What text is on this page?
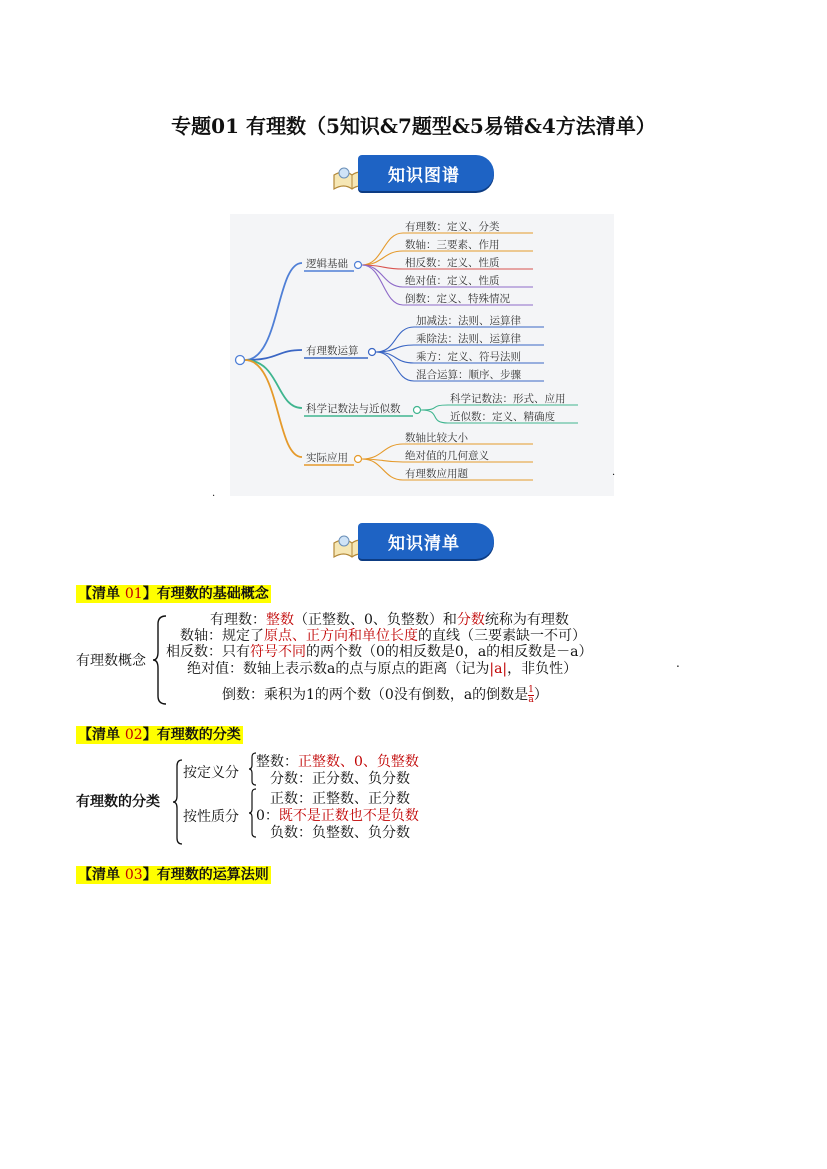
专题01 有理数（5知识&7题型&5易错&4方法清单）
知识图谱
逻辑基础
有理数：定义、分类
数轴：三要素、作用
相反数：定义、性质
绝对值：定义、性质
倒数：定义、特殊情况
有理数运算
加减法：法则、运算律
乘除法：法则、运算律
乘方：定义、符号法则
混合运算：顺序、步骤
科学记数法与近似数
科学记数法：形式、应用
近似数：定义、精确度
实际应用
数轴比较大小
绝对值的几何意义
有理数应用题
.
·
知识清单
【清单 01】有理数的基础概念
有理数概念
有理数：整数（正整数、0、负整数）和分数统称为有理数
数轴：规定了原点、正方向和单位长度的直线（三要素缺一不可）
相反数：只有符号不同的两个数（0的相反数是0，a的相反数是－a）
绝对值：数轴上表示数a的点与原点的距离（记为|a|，非负性）	.
倒数：乘积为1的两个数（0没有倒数，a的倒数是 $\frac{1}{a}$ ）
【清单 02】有理数的分类
有理数的分类
按定义分
整数：正整数、0、负整数
分数：正分数、负分数
按性质分
正数：正整数、正分数
0：既不是正数也不是负数
负数：负整数、负分数
【清单 03】有理数的运算法则
